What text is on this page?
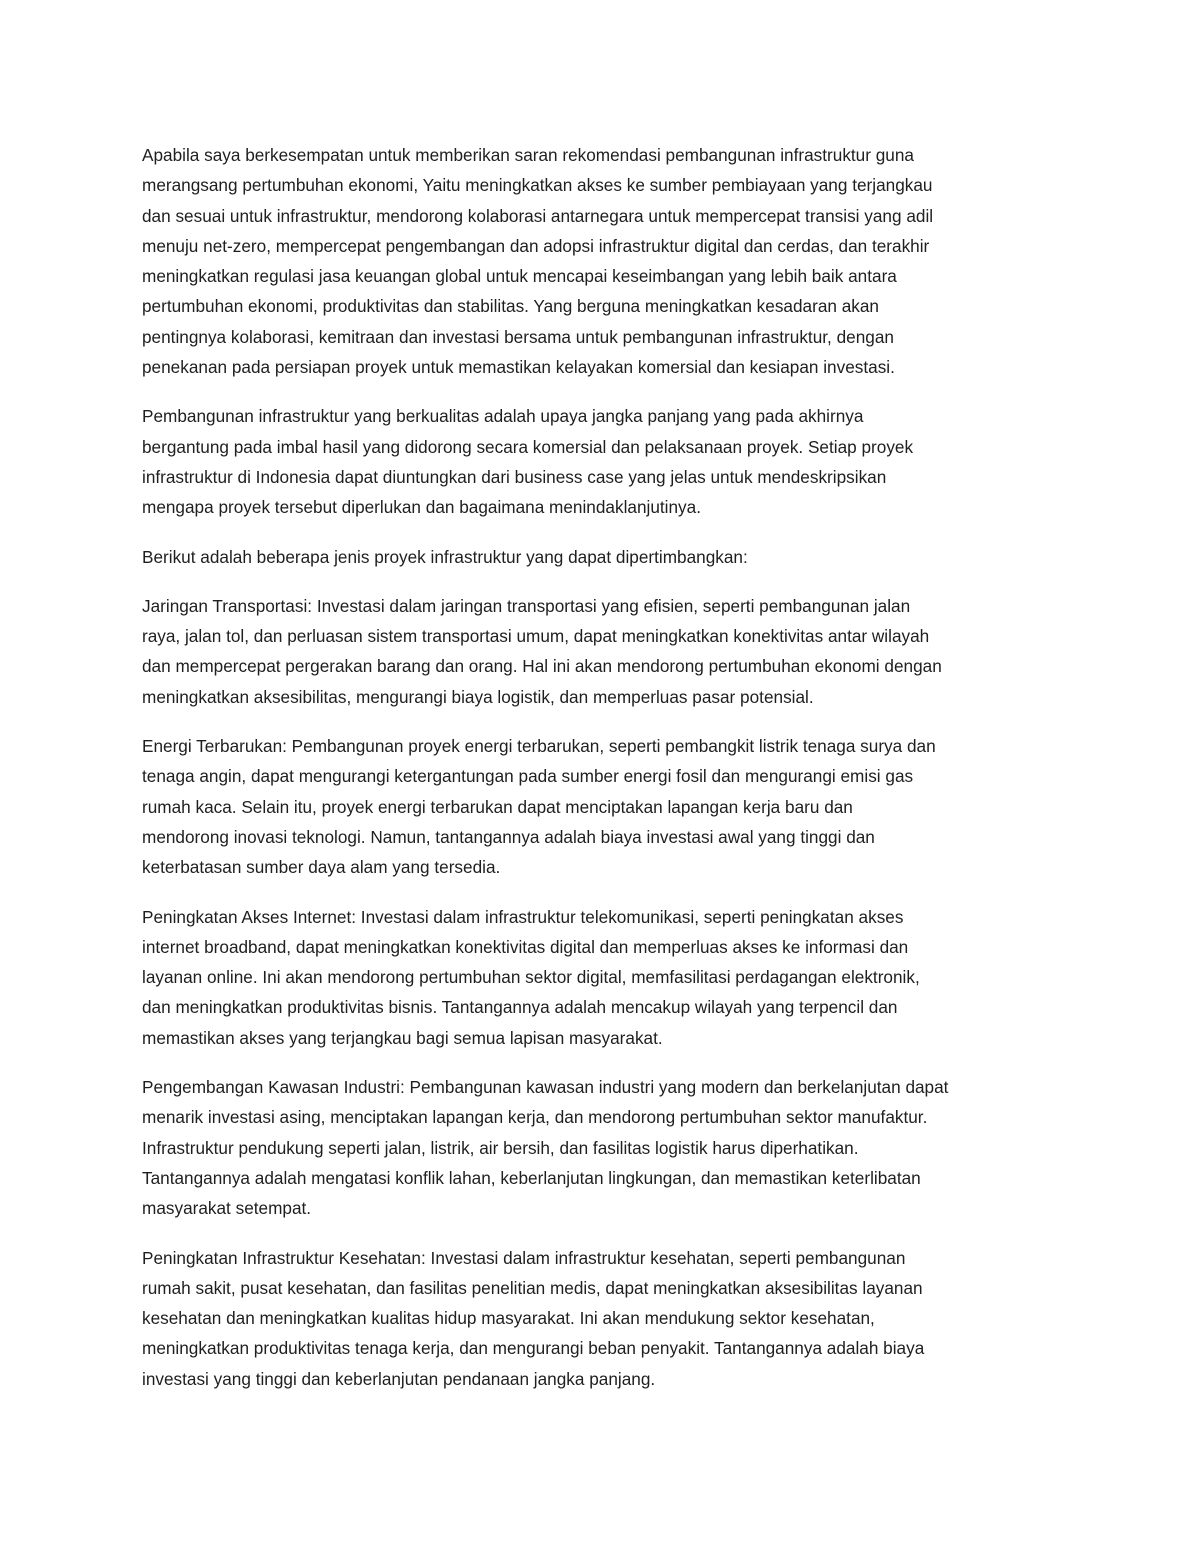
Apabila saya berkesempatan untuk memberikan saran rekomendasi pembangunan infrastruktur guna
merangsang pertumbuhan ekonomi, Yaitu meningkatkan akses ke sumber pembiayaan yang terjangkau
dan sesuai untuk infrastruktur, mendorong kolaborasi antarnegara untuk mempercepat transisi yang adil
menuju net-zero, mempercepat pengembangan dan adopsi infrastruktur digital dan cerdas, dan terakhir
meningkatkan regulasi jasa keuangan global untuk mencapai keseimbangan yang lebih baik antara
pertumbuhan ekonomi, produktivitas dan stabilitas. Yang berguna meningkatkan kesadaran akan
pentingnya kolaborasi, kemitraan dan investasi bersama untuk pembangunan infrastruktur, dengan
penekanan pada persiapan proyek untuk memastikan kelayakan komersial dan kesiapan investasi.

Pembangunan infrastruktur yang berkualitas adalah upaya jangka panjang yang pada akhirnya
bergantung pada imbal hasil yang didorong secara komersial dan pelaksanaan proyek. Setiap proyek
infrastruktur di Indonesia dapat diuntungkan dari business case yang jelas untuk mendeskripsikan
mengapa proyek tersebut diperlukan dan bagaimana menindaklanjutinya.

Berikut adalah beberapa jenis proyek infrastruktur yang dapat dipertimbangkan:

Jaringan Transportasi: Investasi dalam jaringan transportasi yang efisien, seperti pembangunan jalan
raya, jalan tol, dan perluasan sistem transportasi umum, dapat meningkatkan konektivitas antar wilayah
dan mempercepat pergerakan barang dan orang. Hal ini akan mendorong pertumbuhan ekonomi dengan
meningkatkan aksesibilitas, mengurangi biaya logistik, dan memperluas pasar potensial.

Energi Terbarukan: Pembangunan proyek energi terbarukan, seperti pembangkit listrik tenaga surya dan
tenaga angin, dapat mengurangi ketergantungan pada sumber energi fosil dan mengurangi emisi gas
rumah kaca. Selain itu, proyek energi terbarukan dapat menciptakan lapangan kerja baru dan
mendorong inovasi teknologi. Namun, tantangannya adalah biaya investasi awal yang tinggi dan
keterbatasan sumber daya alam yang tersedia.

Peningkatan Akses Internet: Investasi dalam infrastruktur telekomunikasi, seperti peningkatan akses
internet broadband, dapat meningkatkan konektivitas digital dan memperluas akses ke informasi dan
layanan online. Ini akan mendorong pertumbuhan sektor digital, memfasilitasi perdagangan elektronik,
dan meningkatkan produktivitas bisnis. Tantangannya adalah mencakup wilayah yang terpencil dan
memastikan akses yang terjangkau bagi semua lapisan masyarakat.

Pengembangan Kawasan Industri: Pembangunan kawasan industri yang modern dan berkelanjutan dapat
menarik investasi asing, menciptakan lapangan kerja, dan mendorong pertumbuhan sektor manufaktur.
Infrastruktur pendukung seperti jalan, listrik, air bersih, dan fasilitas logistik harus diperhatikan.
Tantangannya adalah mengatasi konflik lahan, keberlanjutan lingkungan, dan memastikan keterlibatan
masyarakat setempat.

Peningkatan Infrastruktur Kesehatan: Investasi dalam infrastruktur kesehatan, seperti pembangunan
rumah sakit, pusat kesehatan, dan fasilitas penelitian medis, dapat meningkatkan aksesibilitas layanan
kesehatan dan meningkatkan kualitas hidup masyarakat. Ini akan mendukung sektor kesehatan,
meningkatkan produktivitas tenaga kerja, dan mengurangi beban penyakit. Tantangannya adalah biaya
investasi yang tinggi dan keberlanjutan pendanaan jangka panjang.
